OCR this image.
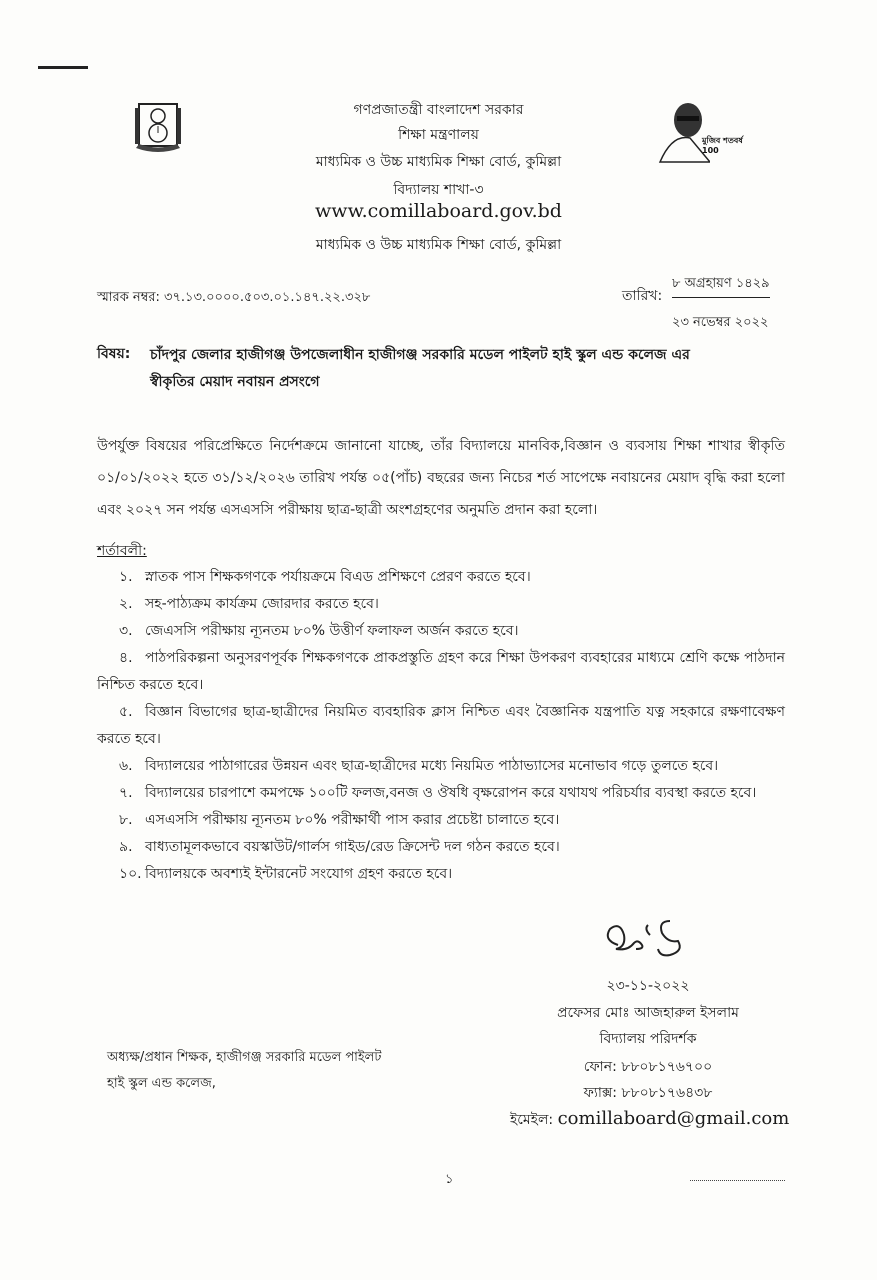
মুজিব শতবর্ষ 100
গণপ্রজাতন্ত্রী বাংলাদেশ সরকার
শিক্ষা মন্ত্রণালয়
মাধ্যমিক ও উচ্চ মাধ্যমিক শিক্ষা বোর্ড, কুমিল্লা
বিদ্যালয় শাখা-৩
www.comillaboard.gov.bd
মাধ্যমিক ও উচ্চ মাধ্যমিক শিক্ষা বোর্ড, কুমিল্লা
স্মারক নম্বর: ৩৭.১৩.০০০০.৫০৩.০১.১৪৭.২২.৩২৮	তারিখ:
৮ অগ্রহায়ণ ১৪২৯
২৩ নভেম্বর ২০২২
বিষয়: চাঁদপুর জেলার হাজীগঞ্জ উপজেলাধীন হাজীগঞ্জ সরকারি মডেল পাইলট হাই স্কুল এন্ড কলেজ এর
স্বীকৃতির মেয়াদ নবায়ন প্রসংগে
উপর্যুক্ত বিষয়ের পরিপ্রেক্ষিতে নির্দেশক্রমে জানানো যাচ্ছে, তাঁর বিদ্যালয়ে মানবিক,বিজ্ঞান ও ব্যবসায় শিক্ষা শাখার স্বীকৃতি ০১/০১/২০২২ হতে ৩১/১২/২০২৬ তারিখ পর্যন্ত ০৫(পাঁচ) বছরের জন্য নিচের শর্ত সাপেক্ষে নবায়নের মেয়াদ বৃদ্ধি করা হলো এবং ২০২৭ সন পর্যন্ত এসএসসি পরীক্ষায় ছাত্র-ছাত্রী অংশগ্রহণের অনুমতি প্রদান করা হলো।
শর্তাবলী:
১. স্নাতক পাস শিক্ষকগণকে পর্যায়ক্রমে বিএড প্রশিক্ষণে প্রেরণ করতে হবে।
২. সহ-পাঠ্যক্রম কার্যক্রম জোরদার করতে হবে।
৩. জেএসসি পরীক্ষায় ন্যূনতম ৮০% উত্তীর্ণ ফলাফল অর্জন করতে হবে।
৪. পাঠপরিকল্পনা অনুসরণপূর্বক শিক্ষকগণকে প্রাকপ্রস্তুতি গ্রহণ করে শিক্ষা উপকরণ ব্যবহারের মাধ্যমে শ্রেণি কক্ষে পাঠদান নিশ্চিত করতে হবে।
৫. বিজ্ঞান বিভাগের ছাত্র-ছাত্রীদের নিয়মিত ব্যবহারিক ক্লাস নিশ্চিত এবং বৈজ্ঞানিক যন্ত্রপাতি যত্ন সহকারে রক্ষণাবেক্ষণ করতে হবে।
৬. বিদ্যালয়ের পাঠাগারের উন্নয়ন এবং ছাত্র-ছাত্রীদের মধ্যে নিয়মিত পাঠাভ্যাসের মনোভাব গড়ে তুলতে হবে।
৭. বিদ্যালয়ের চারপাশে কমপক্ষে ১০০টি ফলজ,বনজ ও ঔষধি বৃক্ষরোপন করে যথাযথ পরিচর্যার ব্যবস্থা করতে হবে।
৮. এসএসসি পরীক্ষায় ন্যূনতম ৮০% পরীক্ষার্থী পাস করার প্রচেষ্টা চালাতে হবে।
৯. বাধ্যতামূলকভাবে বয়স্কাউট/গার্লস গাইড/রেড ক্রিসেন্ট দল গঠন করতে হবে।
১০. বিদ্যালয়কে অবশ্যই ইন্টারনেট সংযোগ গ্রহণ করতে হবে।
২৩-১১-২০২২
প্রফেসর মোঃ আজহারুল ইসলাম
বিদ্যালয় পরিদর্শক
ফোন: ৮৮০৮১৭৬৭০০
ফ্যাক্স: ৮৮০৮১৭৬৪৩৮
ইমেইল: comillaboard@gmail.com
অধ্যক্ষ/প্রধান শিক্ষক, হাজীগঞ্জ সরকারি মডেল পাইলট
হাই স্কুল এন্ড কলেজ,
১
